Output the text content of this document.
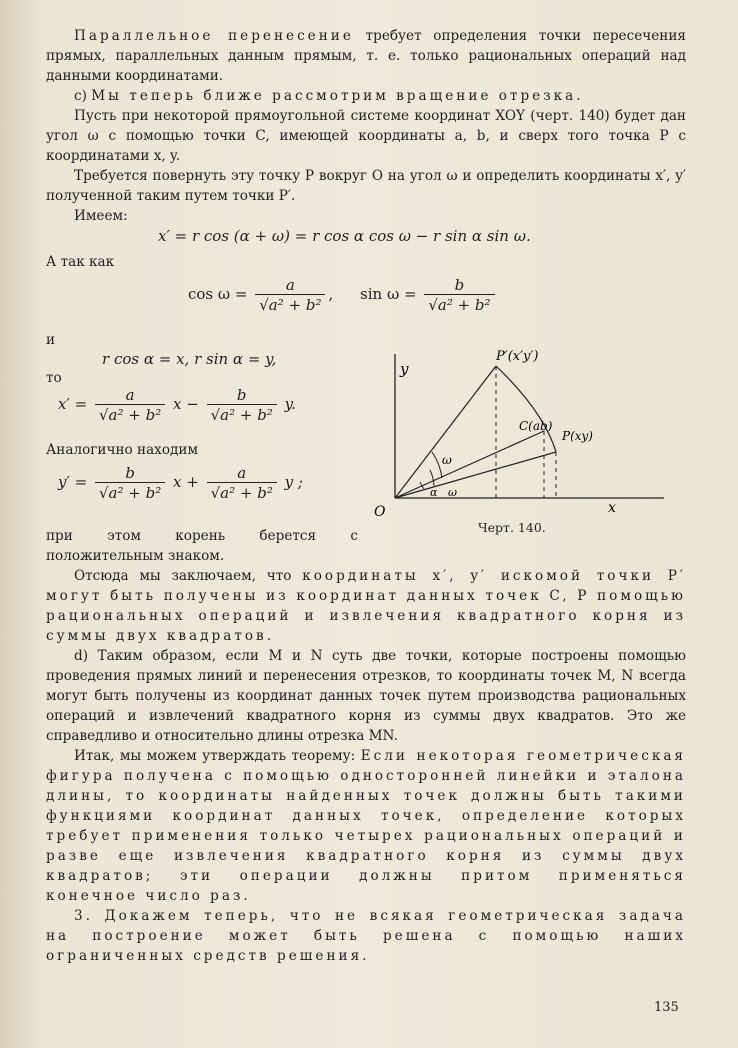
Параллельное перенесение требует определения точки пересечения прямых, параллельных данным прямым, т. е. только рациональных операций над данными координатами.

с) Мы теперь ближе рассмотрим вращение отрезка.

Пусть при некоторой прямоугольной системе координат XOY (черт. 140) будет дан угол ω с помощью точки C, имеющей координаты a, b, и сверх того точка P с координатами x, y.

Требуется повернуть эту точку P вокруг O на угол ω и определить координаты x′, y′ полученной таким путем точки P′.

Имеем:

x′ = r cos (α + ω) = r cos α cos ω − r sin α sin ω.
А так как
$\cos \omega = \frac{a}{\text{√a² + b²}}$ , $\sin \omega = \frac{b}{\text{√a² + b²}}$
и
r cos α = x, r sin α = y,
то
$x' = \frac{a}{\text{√a² + b²}}$ $x - \frac{b}{\text{√a² + b²}} y$.
Аналогично находим
$y' = \frac{b}{\text{√a² + b²}}$ $x + \frac{a}{\text{√a² + b²}}$ y ;
при этом корень берется с положительным знаком.
y
x
O
P′(x′y′)
C(ab)
P(xy)
ω
ω
α
Черт. 140.

Отсюда мы заключаем, что координаты x′, y′ искомой точки P′ могут быть получены из координат данных точек C, P помощью рациональных операций и извлечения квадратного корня из суммы двух квадратов.

d) Таким образом, если M и N суть две точки, которые построены помощью проведения прямых линий и перенесения отрезков, то координаты точек M, N всегда могут быть получены из координат данных точек путем производства рациональных операций и извлечений квадратного корня из суммы двух квадратов. Это же справедливо и относительно длины отрезка MN.

Итак, мы можем утверждать теорему: Если некоторая геометрическая фигура получена с помощью односторонней линейки и эталона длины, то координаты найденных точек должны быть такими функциями координат данных точек, определение которых требует применения только четырех рациональных операций и разве еще извлечения квадратного корня из суммы двух квадратов; эти операции должны притом применяться конечное число раз.

3. Докажем теперь, что не всякая геометрическая задача на построение может быть решена с помощью наших ограниченных средств решения.

135
